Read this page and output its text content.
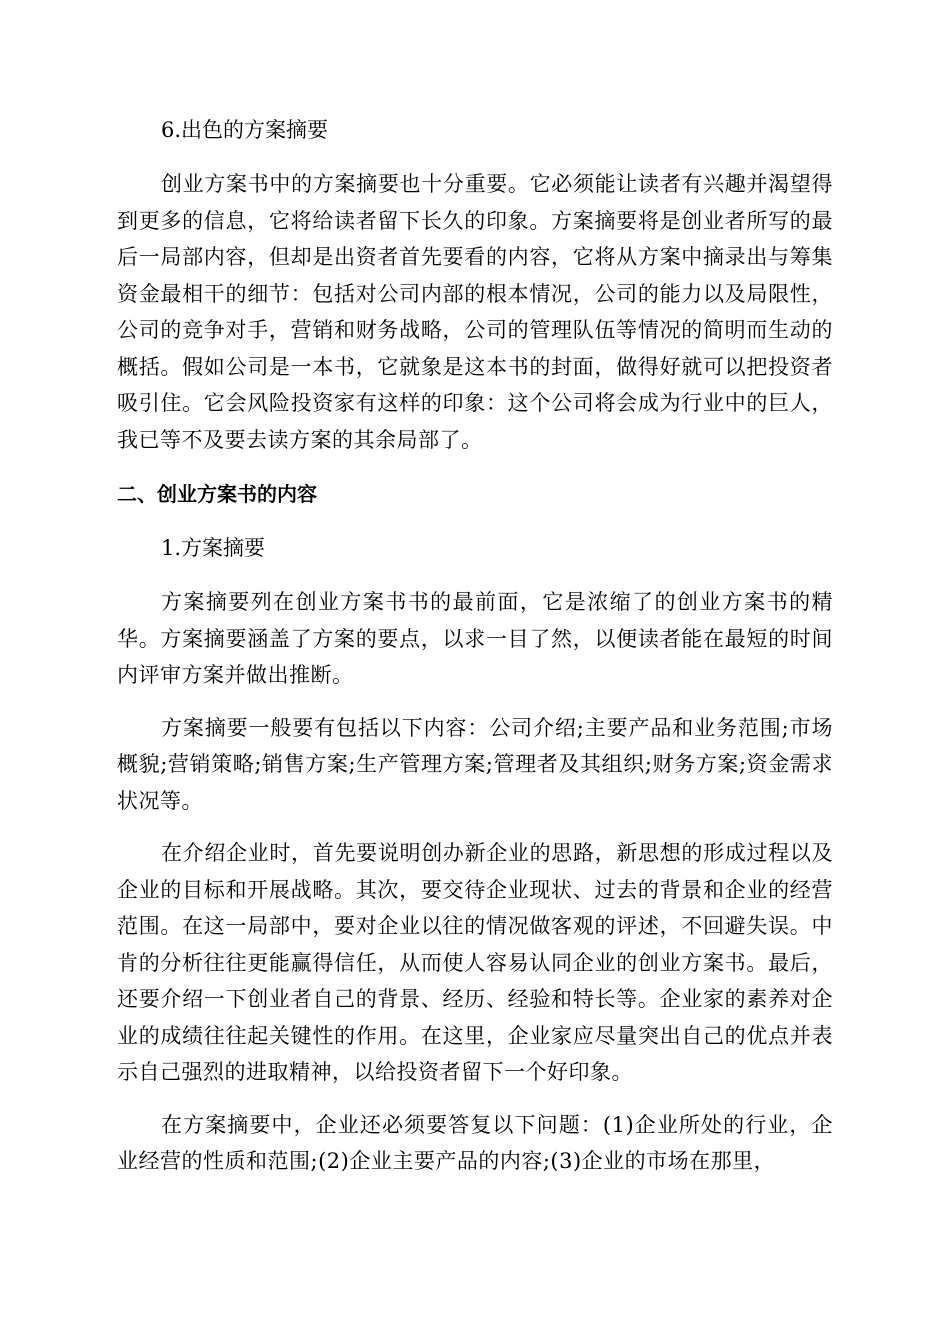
6.出色的方案摘要

创业方案书中的方案摘要也十分重要。它必须能让读者有兴趣并渴望得到更多的信息，它将给读者留下长久的印象。方案摘要将是创业者所写的最后一局部内容，但却是出资者首先要看的内容，它将从方案中摘录出与筹集资金最相干的细节：包括对公司内部的根本情况，公司的能力以及局限性，公司的竞争对手，营销和财务战略，公司的管理队伍等情况的简明而生动的概括。假如公司是一本书，它就象是这本书的封面，做得好就可以把投资者吸引住。它会风险投资家有这样的印象：这个公司将会成为行业中的巨人，我已等不及要去读方案的其余局部了。

二、创业方案书的内容

1.方案摘要

方案摘要列在创业方案书书的最前面，它是浓缩了的创业方案书的精华。方案摘要涵盖了方案的要点，以求一目了然，以便读者能在最短的时间内评审方案并做出推断。

方案摘要一般要有包括以下内容：公司介绍;主要产品和业务范围;市场概貌;营销策略;销售方案;生产管理方案;管理者及其组织;财务方案;资金需求状况等。

在介绍企业时，首先要说明创办新企业的思路，新思想的形成过程以及企业的目标和开展战略。其次，要交待企业现状、过去的背景和企业的经营范围。在这一局部中，要对企业以往的情况做客观的评述，不回避失误。中肯的分析往往更能赢得信任，从而使人容易认同企业的创业方案书。最后，还要介绍一下创业者自己的背景、经历、经验和特长等。企业家的素养对企业的成绩往往起关键性的作用。在这里，企业家应尽量突出自己的优点并表示自己强烈的进取精神，以给投资者留下一个好印象。

在方案摘要中，企业还必须要答复以下问题：(1)企业所处的行业，企业经营的性质和范围;(2)企业主要产品的内容;(3)企业的市场在那里，
